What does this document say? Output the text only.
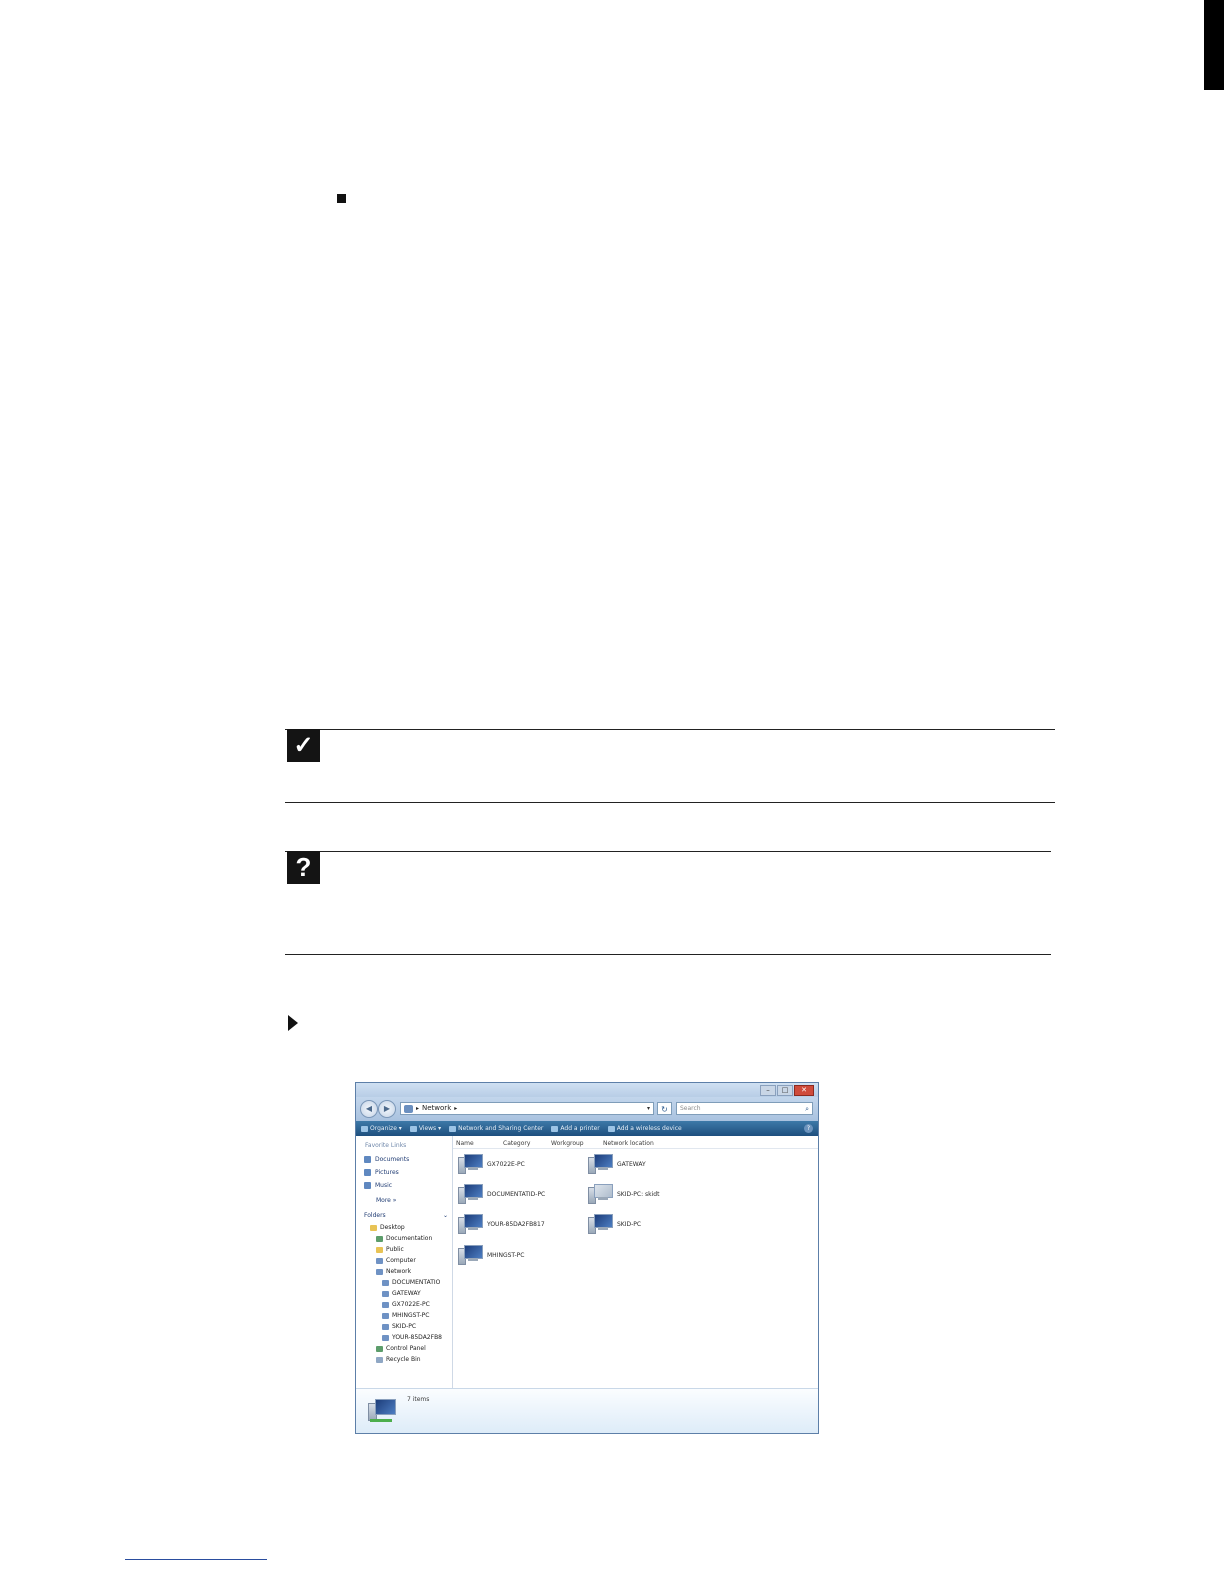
✓
?
–	□	✕
◀	▶	▸ Network ▸	▾	↻	Search	⌕
Organize ▾	Views ▾	Network and Sharing Center	Add a printer	Add a wireless device	?
Favorite Links
Documents
Pictures
Music
More »
Folders	⌄
Desktop
Documentation
Public
Computer
Network
DOCUMENTATIO
GATEWAY
GX7022E-PC
MHINGST-PC
SKID-PC
YOUR-85DA2FB8
Control Panel
Recycle Bin
Name	Category	Workgroup	Network location
GX7022E-PC	GATEWAY
DOCUMENTATID-PC	SKID-PC: skidt
YOUR-85DA2FB817	SKID-PC
MHINGST-PC
7 items
